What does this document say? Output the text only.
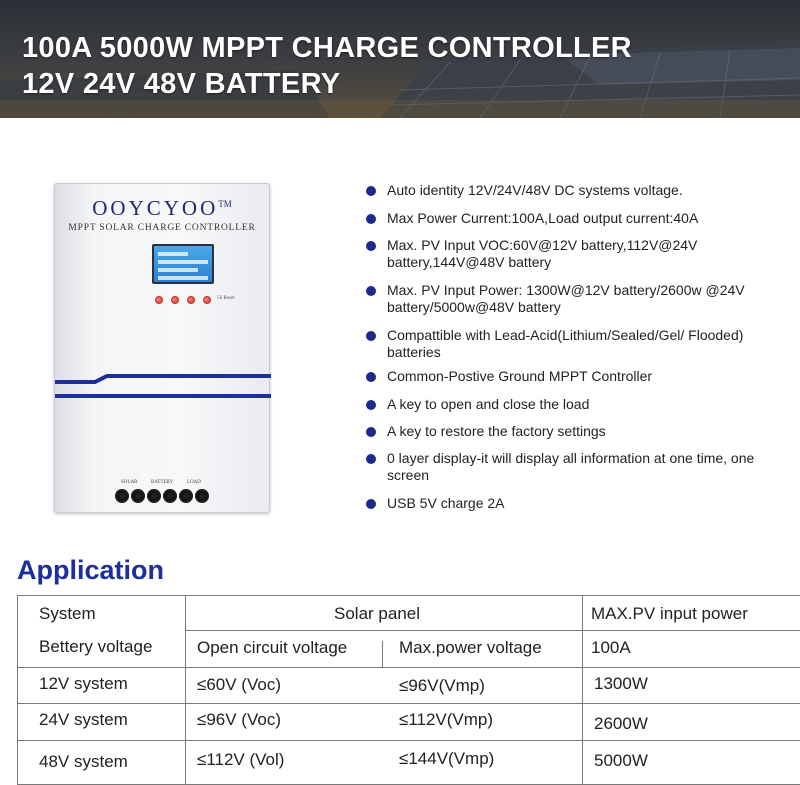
100A 5000W MPPT CHARGE CONTROLLER
12V 24V 48V BATTERY
OOYCYOO™
MPPT SOLAR CHARGE CONTROLLER
5S Reset
SOLAR	BATTERY	LOAD
Auto identity 12V/24V/48V DC systems voltage.
Max Power Current:100A,Load output current:40A
Max. PV Input VOC:60V@12V battery,112V@24V battery,144V@48V battery
Max. PV Input Power: 1300W@12V battery/2600w @24V battery/5000w@48V battery
Compattible with Lead-Acid(Lithium/Sealed/Gel/ Flooded) batteries
Common-Postive Ground MPPT Controller
A key to open and close the load
A key to restore the factory settings
0 layer display-it will display all information at one time, one screen
USB 5V charge 2A
Application
System	Solar panel	MAX.PV input power
Bettery voltage	Open circuit voltage	Max.power voltage	100A
12V system	≤60V (Voc)	≤96V(Vmp)	1300W
24V system	≤96V (Voc)	≤112V(Vmp)	2600W
48V system	≤112V (Vol)	≤144V(Vmp)	5000W
